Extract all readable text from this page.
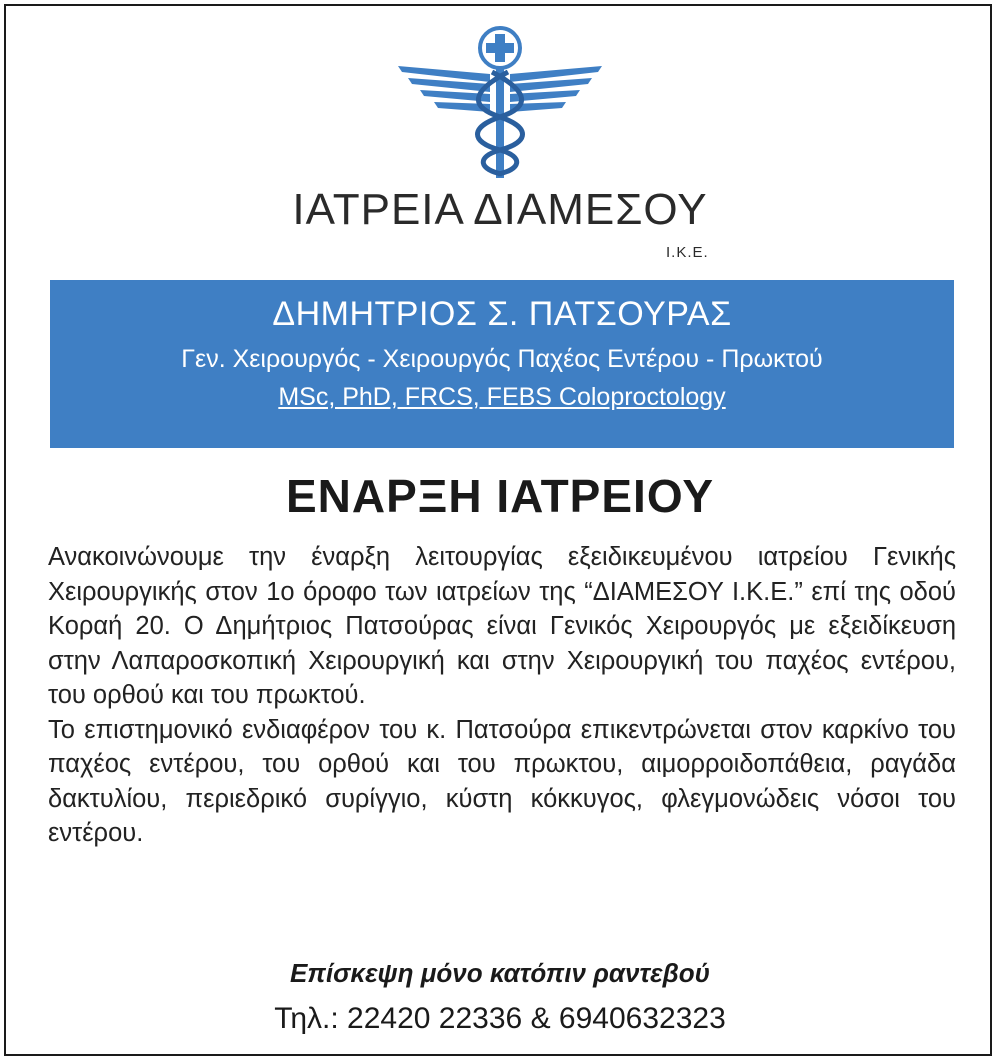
ΙΑΤΡΕΙΑ ΔΙΑΜΕΣΟΥ
Ι.Κ.Ε.
ΔΗΜΗΤΡΙΟΣ Σ. ΠΑΤΣΟΥΡΑΣ
Γεν. Χειρουργός - Χειρουργός Παχέος Εντέρου - Πρωκτού
MSc, PhD, FRCS, FEBS Coloproctology
ΕΝΑΡΞΗ ΙΑΤΡΕΙΟΥ

Ανακοινώνουμε την έναρξη λειτουργίας εξειδικευμένου ιατρείου Γενικής Χειρουργικής στον 1ο όροφο των ιατρείων της “ΔΙΑΜΕΣΟΥ Ι.Κ.Ε.” επί της οδού Κοραή 20. Ο Δημήτριος Πατσούρας είναι Γενικός Χειρουργός με εξειδίκευση στην Λαπαροσκοπική Χειρουργική και στην Χειρουργική του παχέος εντέρου, του ορθού και του πρωκτού.

Το επιστημονικό ενδιαφέρον του κ. Πατσούρα επικεντρώνεται στον καρκίνο του παχέος εντέρου, του ορθού και του πρωκτου, αιμορροιδοπάθεια, ραγάδα δακτυλίου, περιεδρικό συρίγγιο, κύστη κόκκυγος, φλεγμονώδεις νόσοι του εντέρου.

Επίσκεψη μόνο κατόπιν ραντεβού
Τηλ.: 22420 22336 & 6940632323
